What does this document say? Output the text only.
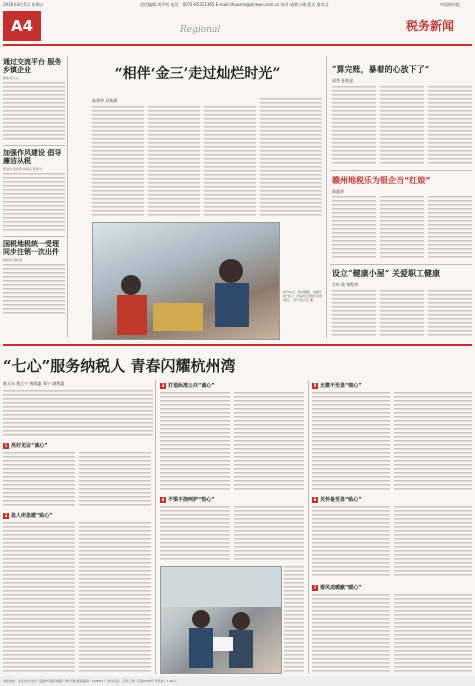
2016年8月5日 星期五	责任编辑 周声钊 电话：0571-85311365 E-mail:zhoushz@zjnews.com.cn 校对 诸葛小瑾 版式 俞奇文	中国财经报
A4	Regional	税务新闻
通过交流平台 服务乡镇企业
浙地 陈大山
加强作风建设 倡导廉洁从税
郑世伟 金莉莉 林国兴 陈俭华
国税地税统一受理 同步注销一次出件
姚英英 郭秋雨
“相伴‘金三’走过灿烂时光”
朱建华 吴秋燕
8月31日，杭州国税、地税开展“金三”上线动员会暨业务培训班。 景宁 陈兴玉 摄
“算完账，暴着的心放下了”
邱秀 孙凯伦
赣州地税乐为银企当“红娘”
蒋超华
设立“健康小屋” 关爱职工健康
方红 陆 胡绍华
“七心”服务纳税人 青春闪耀杭州湾
陈天东 徐乙宁 梅翔惠 郑宁 潘剑惠
1 亮好见证“诚心”
2 急人所急暖“贴心”
3 打造标准公共“诚心”
4 不惧不挠呵护“热心”
5 无微不至显“细心”
6 关怀备至显“贴心”
7 春风送暖献“暖心”
本报地址：北京市丰台区广安路9号国投财富广场1号楼 邮政编码：100055 广告许可证：京西工商广字第8100号 零售价：1.00元
